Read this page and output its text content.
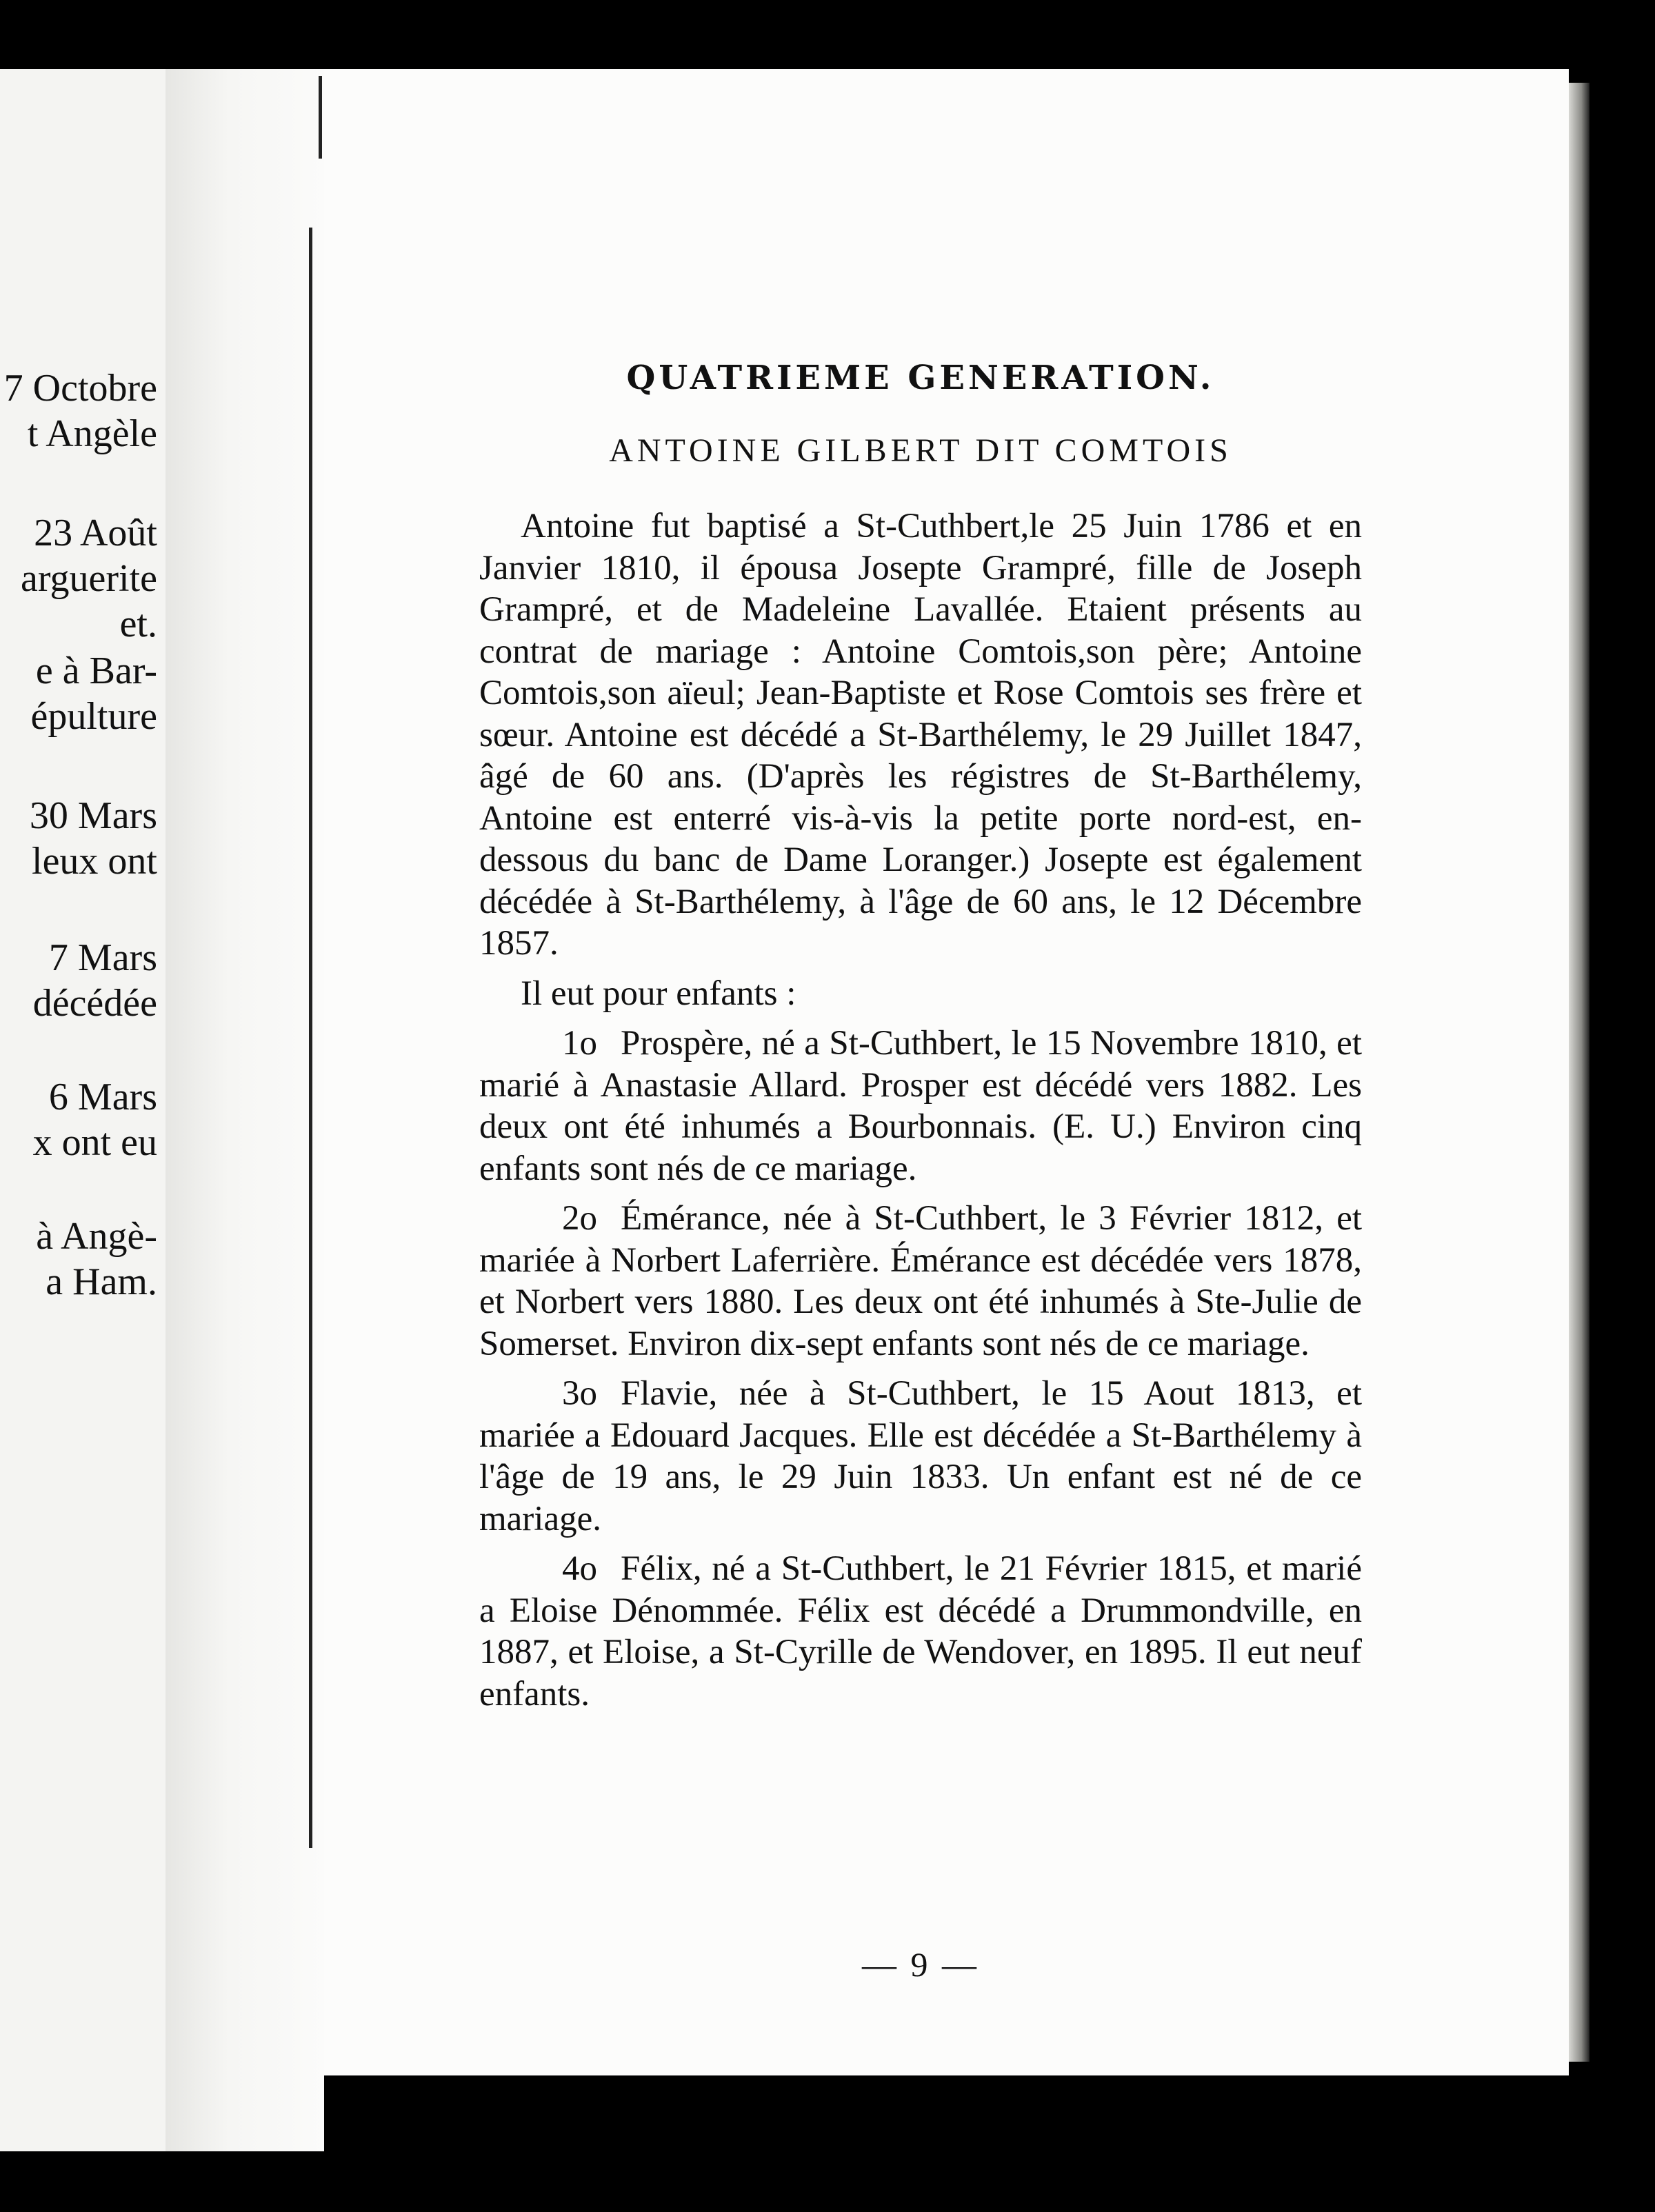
7 Octobre
t Angèle
23 Août
arguerite
et.
e à Bar-
épulture
30 Mars
leux ont
7 Mars
décédée
6 Mars
x ont eu
à Angè-
a Ham.
QUATRIEME GENERATION.
ANTOINE GILBERT DIT COMTOIS

Antoine fut baptisé a St-Cuthbert,le 25 Juin 1786 et en Janvier 1810, il épousa Josepte Grampré, fille de Joseph Grampré, et de Madeleine Lavallée. Etaient présents au contrat de mariage : Antoine Comtois,son père; Antoine Comtois,son aïeul; Jean-Baptiste et Rose Comtois ses frère et sœur. Antoine est décédé a St-Barthélemy, le 29 Juillet 1847, âgé de 60 ans. (D'après les régistres de St-Barthélemy, Antoine est enterré vis-à-vis la petite porte nord-est, en-dessous du banc de Dame Loranger.) Josepte est également décédée à St-Barthélemy, à l'âge de 60 ans, le 12 Décembre 1857.

Il eut pour enfants :

1o Prospère, né a St-Cuthbert, le 15 Novembre 1810, et marié à Anastasie Allard. Prosper est décédé vers 1882. Les deux ont été inhumés a Bourbonnais. (E. U.) Environ cinq enfants sont nés de ce mariage.

2o Émérance, née à St-Cuthbert, le 3 Février 1812, et mariée à Norbert Laferrière. Émérance est décédée vers 1878, et Norbert vers 1880. Les deux ont été inhumés à Ste-Julie de Somerset. Environ dix-sept enfants sont nés de ce mariage.

3o Flavie, née à St-Cuthbert, le 15 Aout 1813, et mariée a Edouard Jacques. Elle est décédée a St-Barthélemy à l'âge de 19 ans, le 29 Juin 1833. Un enfant est né de ce mariage.

4o Félix, né a St-Cuthbert, le 21 Février 1815, et marié a Eloise Dénommée. Félix est décédé a Drummondville, en 1887, et Eloise, a St-Cyrille de Wendover, en 1895. Il eut neuf enfants.

— 9 —
